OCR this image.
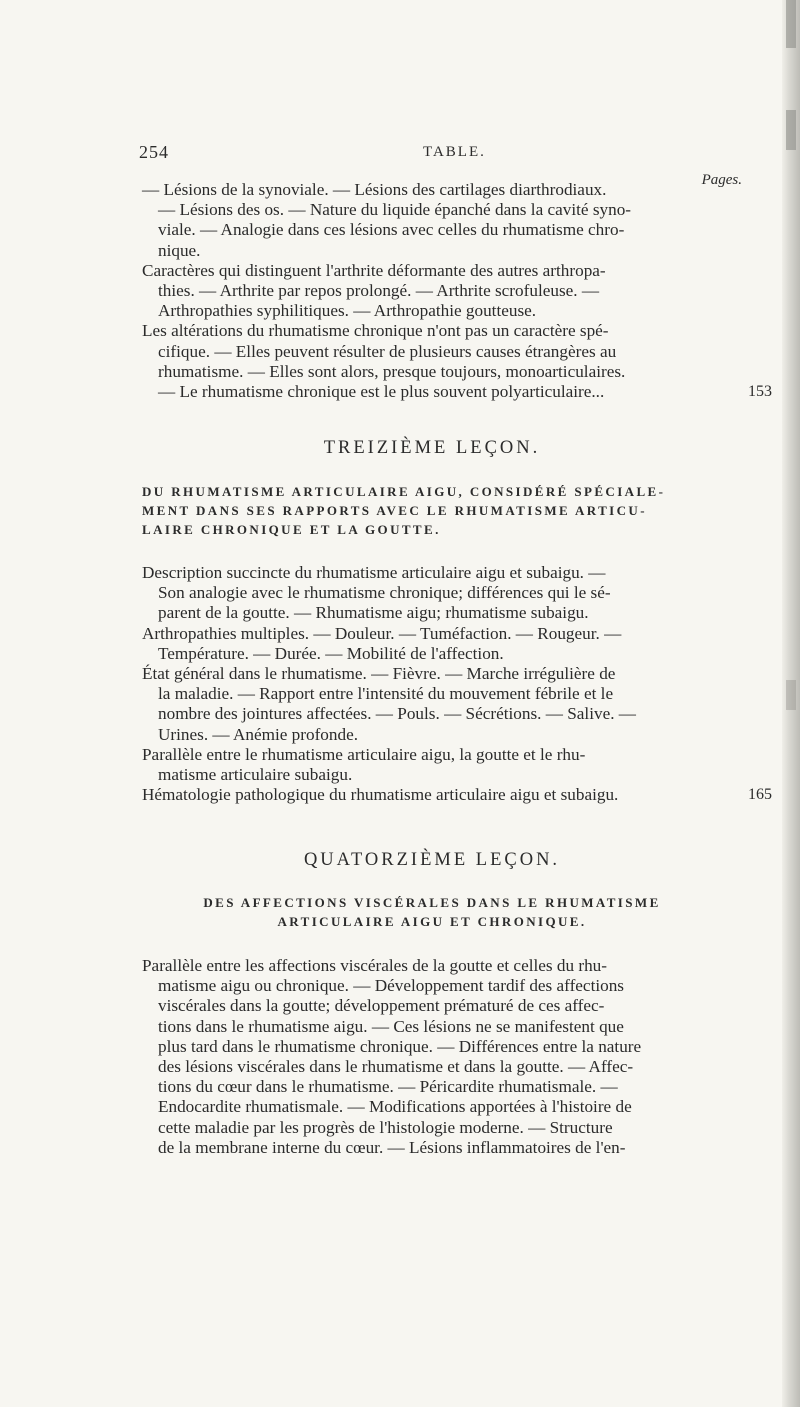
254	TABLE.
Pages.
— Lésions de la synoviale. — Lésions des cartilages diarthrodiaux.
— Lésions des os. — Nature du liquide épanché dans la cavité syno-
viale. — Analogie dans ces lésions avec celles du rhumatisme chro-
nique.
Caractères qui distinguent l'arthrite déformante des autres arthropa-
thies. — Arthrite par repos prolongé. — Arthrite scrofuleuse. —
Arthropathies syphilitiques. — Arthropathie goutteuse.
Les altérations du rhumatisme chronique n'ont pas un caractère spé-
cifique. — Elles peuvent résulter de plusieurs causes étrangères au
rhumatisme. — Elles sont alors, presque toujours, monoarticulaires.
— Le rhumatisme chronique est le plus souvent polyarticulaire...	153
TREIZIÈME LEÇON.
DU RHUMATISME ARTICULAIRE AIGU, CONSIDÉRÉ SPÉCIALE-
MENT DANS SES RAPPORTS AVEC LE RHUMATISME ARTICU-
LAIRE CHRONIQUE ET LA GOUTTE.
Description succincte du rhumatisme articulaire aigu et subaigu. —
Son analogie avec le rhumatisme chronique; différences qui le sé-
parent de la goutte. — Rhumatisme aigu; rhumatisme subaigu.
Arthropathies multiples. — Douleur. — Tuméfaction. — Rougeur. —
Température. — Durée. — Mobilité de l'affection.
État général dans le rhumatisme. — Fièvre. — Marche irrégulière de
la maladie. — Rapport entre l'intensité du mouvement fébrile et le
nombre des jointures affectées. — Pouls. — Sécrétions. — Salive. —
Urines. — Anémie profonde.
Parallèle entre le rhumatisme articulaire aigu, la goutte et le rhu-
matisme articulaire subaigu.
Hématologie pathologique du rhumatisme articulaire aigu et subaigu.	165
QUATORZIÈME LEÇON.
DES AFFECTIONS VISCÉRALES DANS LE RHUMATISME
ARTICULAIRE AIGU ET CHRONIQUE.
Parallèle entre les affections viscérales de la goutte et celles du rhu-
matisme aigu ou chronique. — Développement tardif des affections
viscérales dans la goutte; développement prématuré de ces affec-
tions dans le rhumatisme aigu. — Ces lésions ne se manifestent que
plus tard dans le rhumatisme chronique. — Différences entre la nature
des lésions viscérales dans le rhumatisme et dans la goutte. — Affec-
tions du cœur dans le rhumatisme. — Péricardite rhumatismale. —
Endocardite rhumatismale. — Modifications apportées à l'histoire de
cette maladie par les progrès de l'histologie moderne. — Structure
de la membrane interne du cœur. — Lésions inflammatoires de l'en-
